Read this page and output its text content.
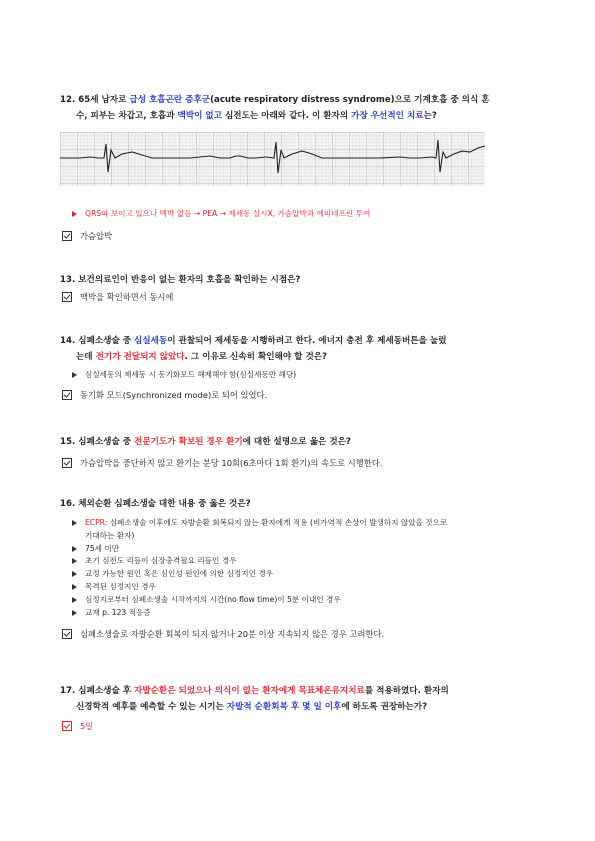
12. 65세 남자로 급성 호흡곤란 증후군(acute respiratory distress syndrome)으로 기계호흡 중 의식 혼
수, 피부는 차갑고, 호흡과 맥박이 없고 심전도는 아래와 같다. 이 환자의 가장 우선적인 치료는?
QRS파 보이고 있으나 맥박 없음 → PEA → 제세동 실시X, 가슴압박과 에피네프린 투여
가슴압박
13. 보건의료인이 반응이 없는 환자의 호흡을 확인하는 시점은?
맥박을 확인하면서 동시에
14. 심폐소생술 중 심실세동이 관찰되어 제세동을 시행하려고 한다. 에너지 충전 후 제세동버튼을 눌렀
는데 전기가 전달되지 않았다. 그 이유로 신속히 확인해야 할 것은?
심실세동의 제세동 시 동기화모드 해제해야 함(심실세동만 해당)
동기화 모드(Synchronized mode)로 되어 있었다.
15. 심폐소생술 중 전문기도가 확보된 경우 환기에 대한 설명으로 옳은 것은?
가슴압박을 중단하지 않고 환기는 분당 10회(6초마다 1회 환기)의 속도로 시행한다.
16. 체외순환 심폐소생술 대한 내용 중 옳은 것은?
ECPR: 심폐소생술 이후에도 자발순환 회복되지 않는 환자에게 적용 (비가역적 손상이 발생하지 않았을 것으로
기대하는 환자)
75세 미만
초기 심전도 리듬이 심장충격필요 리듬인 경우
교정 가능한 원인 혹은 심인성 원인에 의한 심정지인 경우
목격된 심정지인 경우
심정지로부터 심폐소생술 시작까지의 시간(no flow time)이 5분 이내인 경우
교재 p. 123 적응증
심폐소생술로 자발순환 회복이 되지 않거나 20분 이상 지속되지 않은 경우 고려한다.
17. 심폐소생술 후 자발순환은 되었으나 의식이 없는 환자에게 목표체온유지치료를 적용하였다. 환자의
신경학적 예후를 예측할 수 있는 시기는 자발적 순환회복 후 몇 일 이후에 하도록 권장하는가?
5일
